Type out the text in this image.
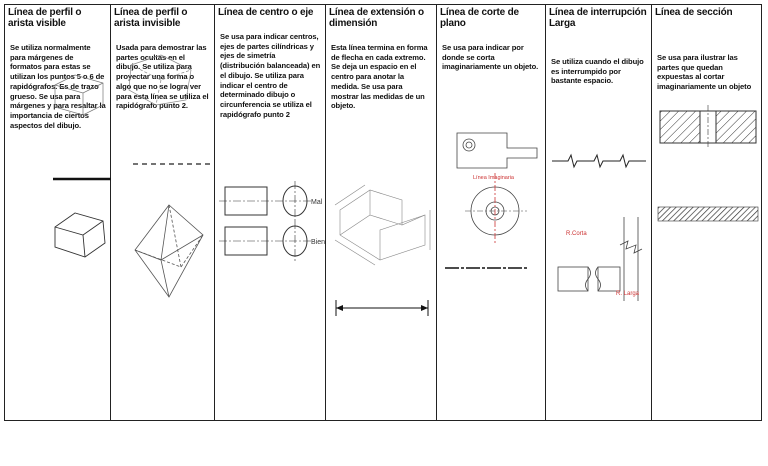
Línea de perfil o arista visible
Se utiliza normalmente para márgenes de formatos para estas se utilizan los puntos 5 o 6 de rapidógrafos. Es de trazo grueso. Se usa para márgenes y para resaltar la importancia de ciertos aspectos del dibujo.
Línea de perfil o arista invisible
Usada para demostrar las partes ocultas en el dibujo. Se utiliza para proyectar una forma o algo que no se logra ver para esta línea se utiliza el rapidógrafo punto 2.
Línea de centro o eje
Se usa para indicar centros, ejes de partes cilíndricas y ejes de simetría (distribución balanceada) en el dibujo. Se utiliza para indicar el centro de determinado dibujo o circunferencia se utiliza el rapidógrafo punto 2
Mal
Bien
Línea de extensión o dimensión
Esta línea termina en forma de flecha en cada extremo. Se deja un espacio en el centro para anotar la medida. Se usa para mostrar las medidas de un objeto.
Línea de corte de plano
Se usa para indicar por donde se corta imaginariamente un objeto.
Línea Imaginaria
Línea de interrupción Larga
Se utiliza cuando el dibujo es interrumpido por bastante espacio.
R.Corta
R. Larga
Línea de sección
Se usa para ilustrar las partes que quedan expuestas al cortar imaginariamente un objeto
